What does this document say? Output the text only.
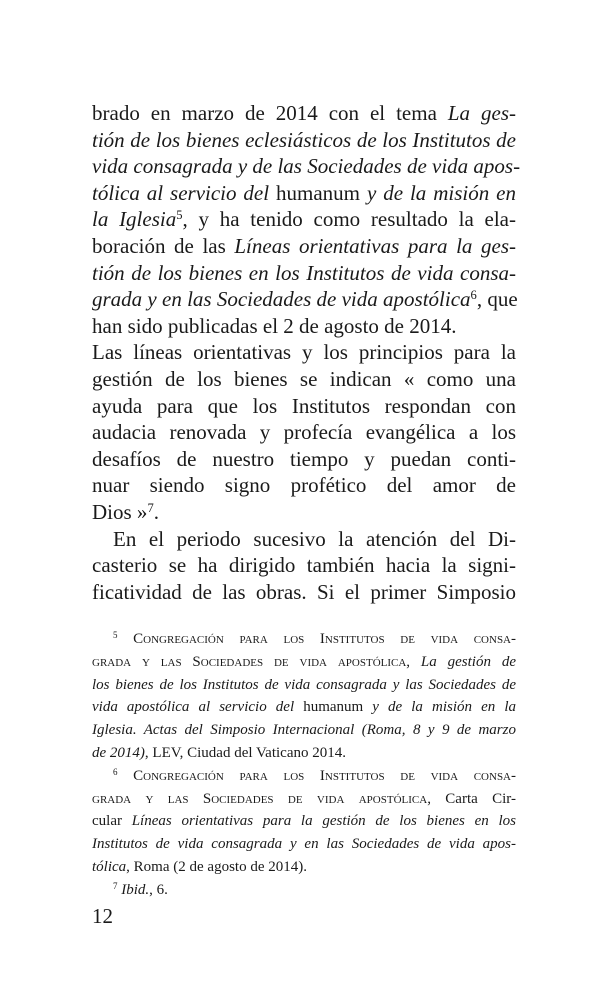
brado en marzo de 2014 con el tema La ges-
tión de los bienes eclesiásticos de los Institutos de
vida consagrada y de las Sociedades de vida apos-
tólica al servicio del humanum y de la misión en
la Iglesia$^5$, y ha tenido como resultado la ela-
boración de las Líneas orientativas para la ges-
tión de los bienes en los Institutos de vida consa-
grada y en las Sociedades de vida apostólica$^6$, que
han sido publicadas el 2 de agosto de 2014.
Las líneas orientativas y los principios para la
gestión de los bienes se indican « como una
ayuda para que los Institutos respondan con
audacia renovada y profecía evangélica a los
desafíos de nuestro tiempo y puedan conti-
nuar siendo signo profético del amor de
Dios »$^7$.
En el periodo sucesivo la atención del Di-
casterio se ha dirigido también hacia la signi-
ficatividad de las obras. Si el primer Simposio
$^5$ Congregación para los Institutos de vida consa-
grada y las Sociedades de vida apostólica, La gestión de
los bienes de los Institutos de vida consagrada y las Sociedades de
vida apostólica al servicio del humanum y de la misión en la
Iglesia. Actas del Simposio Internacional (Roma, 8 y 9 de marzo
de 2014), LEV, Ciudad del Vaticano 2014.
$^6$ Congregación para los Institutos de vida consa-
grada y las Sociedades de vida apostólica, Carta Cir-
cular Líneas orientativas para la gestión de los bienes en los
Institutos de vida consagrada y en las Sociedades de vida apos-
tólica, Roma (2 de agosto de 2014).
$^7$ Ibid., 6.
12
